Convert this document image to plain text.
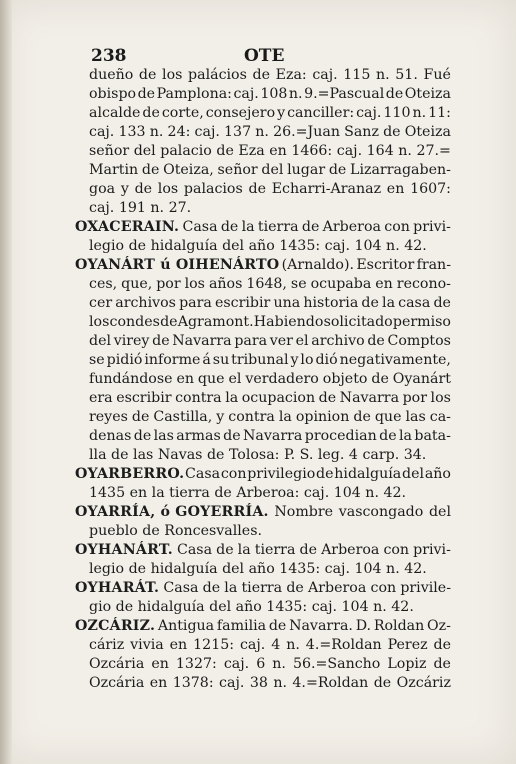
238	OTE
dueño de los palácios de Eza: caj. 115 n. 51. Fué
obispo de Pamplona: caj. 108 n. 9.=Pascual de Oteiza
alcalde de corte, consejero y canciller: caj. 110 n. 11:
caj. 133 n. 24: caj. 137 n. 26.=Juan Sanz de Oteiza
señor del palacio de Eza en 1466: caj. 164 n. 27.=
Martin de Oteiza, señor del lugar de Lizarragaben-
goa y de los palacios de Echarri-Aranaz en 1607:
caj. 191 n. 27.
OXACERAIN. Casa de la tierra de Arberoa con privi-
legio de hidalguía del año 1435: caj. 104 n. 42.
OYANÁRT ú OIHENÁRTO (Arnaldo). Escritor fran-
ces, que, por los años 1648, se ocupaba en recono-
cer archivos para escribir una historia de la casa de
los condes de Agramont. Habiendo solicitado permiso
del virey de Navarra para ver el archivo de Comptos
se pidió informe á su tribunal y lo dió negativamente,
fundándose en que el verdadero objeto de Oyanárt
era escribir contra la ocupacion de Navarra por los
reyes de Castilla, y contra la opinion de que las ca-
denas de las armas de Navarra procedian de la bata-
lla de las Navas de Tolosa: P. S. leg. 4 carp. 34.
OYARBERRO. Casa con privilegio de hidalguía del año
1435 en la tierra de Arberoa: caj. 104 n. 42.
OYARRÍA, ó GOYERRÍA. Nombre vascongado del
pueblo de Roncesvalles.
OYHANÁRT. Casa de la tierra de Arberoa con privi-
legio de hidalguía del año 1435: caj. 104 n. 42.
OYHARÁT. Casa de la tierra de Arberoa con privile-
gio de hidalguía del año 1435: caj. 104 n. 42.
OZCÁRIZ. Antigua familia de Navarra. D. Roldan Oz-
cáriz vivia en 1215: caj. 4 n. 4.=Roldan Perez de
Ozcária en 1327: caj. 6 n. 56.=Sancho Lopiz de
Ozcária en 1378: caj. 38 n. 4.=Roldan de Ozcáriz
